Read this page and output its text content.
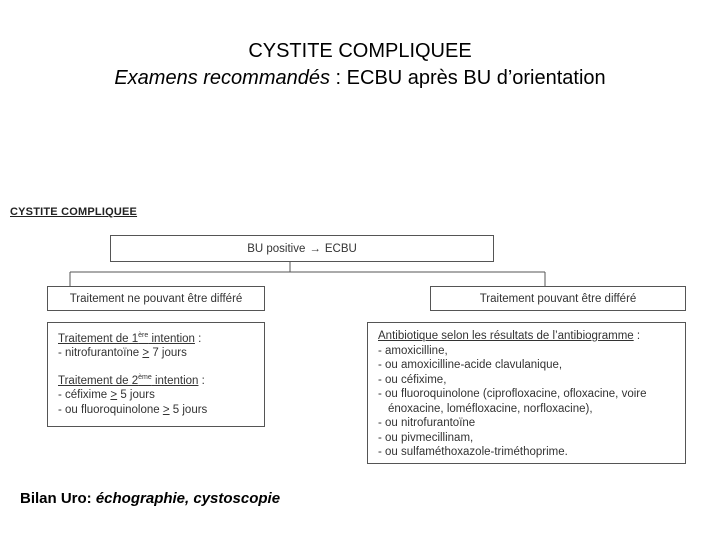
CYSTITE COMPLIQUEE
Examens recommandés : ECBU après BU d’orientation
CYSTITE COMPLIQUEE
BU positive → ECBU
Traitement ne pouvant être différé	Traitement pouvant être différé
Traitement de 1ère intention :
- nitrofurantoïne > 7 jours
Traitement de 2ème intention :
- céfixime > 5 jours
- ou fluoroquinolone > 5 jours
Antibiotique selon les résultats de l’antibiogramme :
- amoxicilline,
- ou amoxicilline-acide clavulanique,
- ou céfixime,
- ou fluoroquinolone (ciprofloxacine, ofloxacine, voire
énoxacine, loméfloxacine, norfloxacine),
- ou nitrofurantoïne
- ou pivmecillinam,
- ou sulfaméthoxazole-triméthoprime.
Bilan Uro: échographie, cystoscopie
